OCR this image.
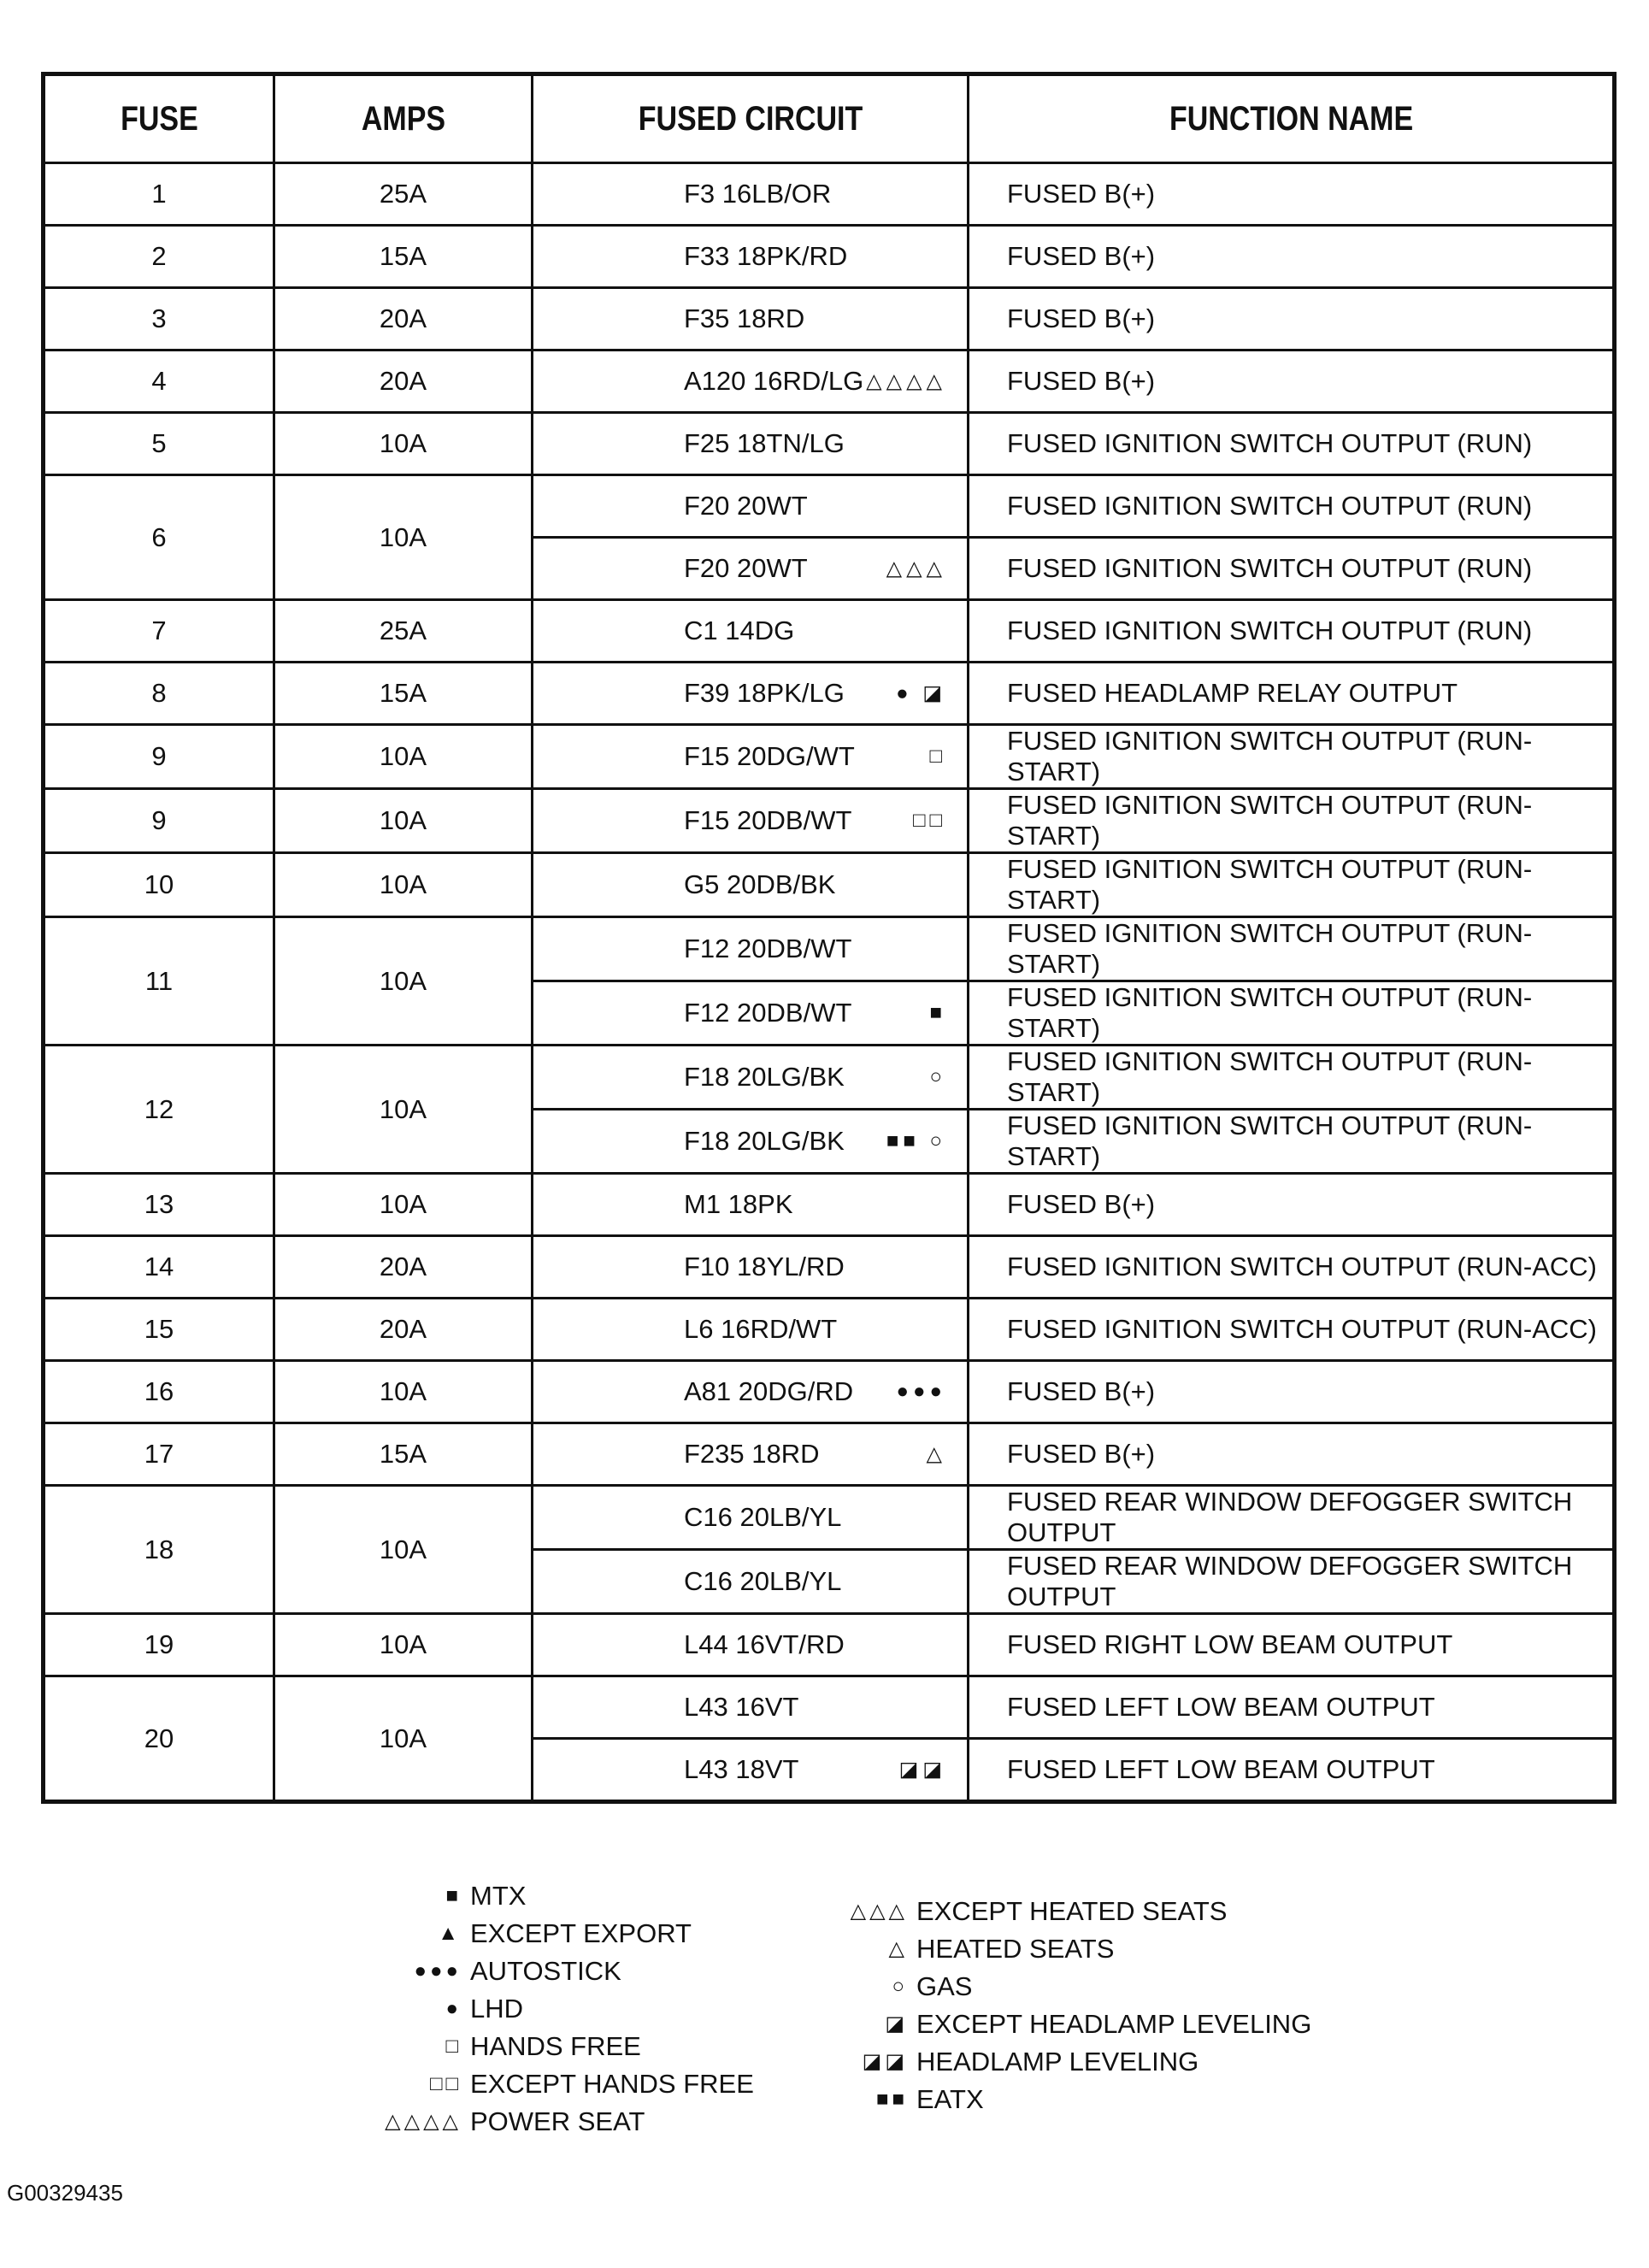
FUSE	AMPS	FUSED CIRCUIT	FUNCTION NAME
1	25A	F3 16LB/OR	FUSED B(+)
2	15A	F33 18PK/RD	FUSED B(+)
3	20A	F35 18RD	FUSED B(+)
4	20A	A120 16RD/LG △△△△	FUSED B(+)
5	10A	F25 18TN/LG	FUSED IGNITION SWITCH OUTPUT (RUN)
6	10A	F20 20WT	FUSED IGNITION SWITCH OUTPUT (RUN)
		F20 20WT △△△	FUSED IGNITION SWITCH OUTPUT (RUN)
7	25A	C1 14DG	FUSED IGNITION SWITCH OUTPUT (RUN)
8	15A	F39 18PK/LG ● ◪	FUSED HEADLAMP RELAY OUTPUT
9	10A	F15 20DG/WT □	FUSED IGNITION SWITCH OUTPUT (RUN-START)
9	10A	F15 20DB/WT □□	FUSED IGNITION SWITCH OUTPUT (RUN-START)
10	10A	G5 20DB/BK	FUSED IGNITION SWITCH OUTPUT (RUN-START)
11	10A	F12 20DB/WT	FUSED IGNITION SWITCH OUTPUT (RUN-START)
		F12 20DB/WT ■	FUSED IGNITION SWITCH OUTPUT (RUN-START)
12	10A	F18 20LG/BK ○	FUSED IGNITION SWITCH OUTPUT (RUN-START)
		F18 20LG/BK ■■ ○	FUSED IGNITION SWITCH OUTPUT (RUN-START)
13	10A	M1 18PK	FUSED B(+)
14	20A	F10 18YL/RD	FUSED IGNITION SWITCH OUTPUT (RUN-ACC)
15	20A	L6 16RD/WT	FUSED IGNITION SWITCH OUTPUT (RUN-ACC)
16	10A	A81 20DG/RD ●●●	FUSED B(+)
17	15A	F235 18RD △	FUSED B(+)
18	10A	C16 20LB/YL	FUSED REAR WINDOW DEFOGGER SWITCH OUTPUT
		C16 20LB/YL	FUSED REAR WINDOW DEFOGGER SWITCH OUTPUT
19	10A	L44 16VT/RD	FUSED RIGHT LOW BEAM OUTPUT
20	10A	L43 16VT	FUSED LEFT LOW BEAM OUTPUT
		L43 18VT ◪◪	FUSED LEFT LOW BEAM OUTPUT
■ MTX
▲ EXCEPT EXPORT
●●● AUTOSTICK
● LHD
□ HANDS FREE
□□ EXCEPT HANDS FREE
△△△△ POWER SEAT
△△△ EXCEPT HEATED SEATS
△ HEATED SEATS
○ GAS
◪ EXCEPT HEADLAMP LEVELING
◪◪ HEADLAMP LEVELING
■■ EATX
G00329435
